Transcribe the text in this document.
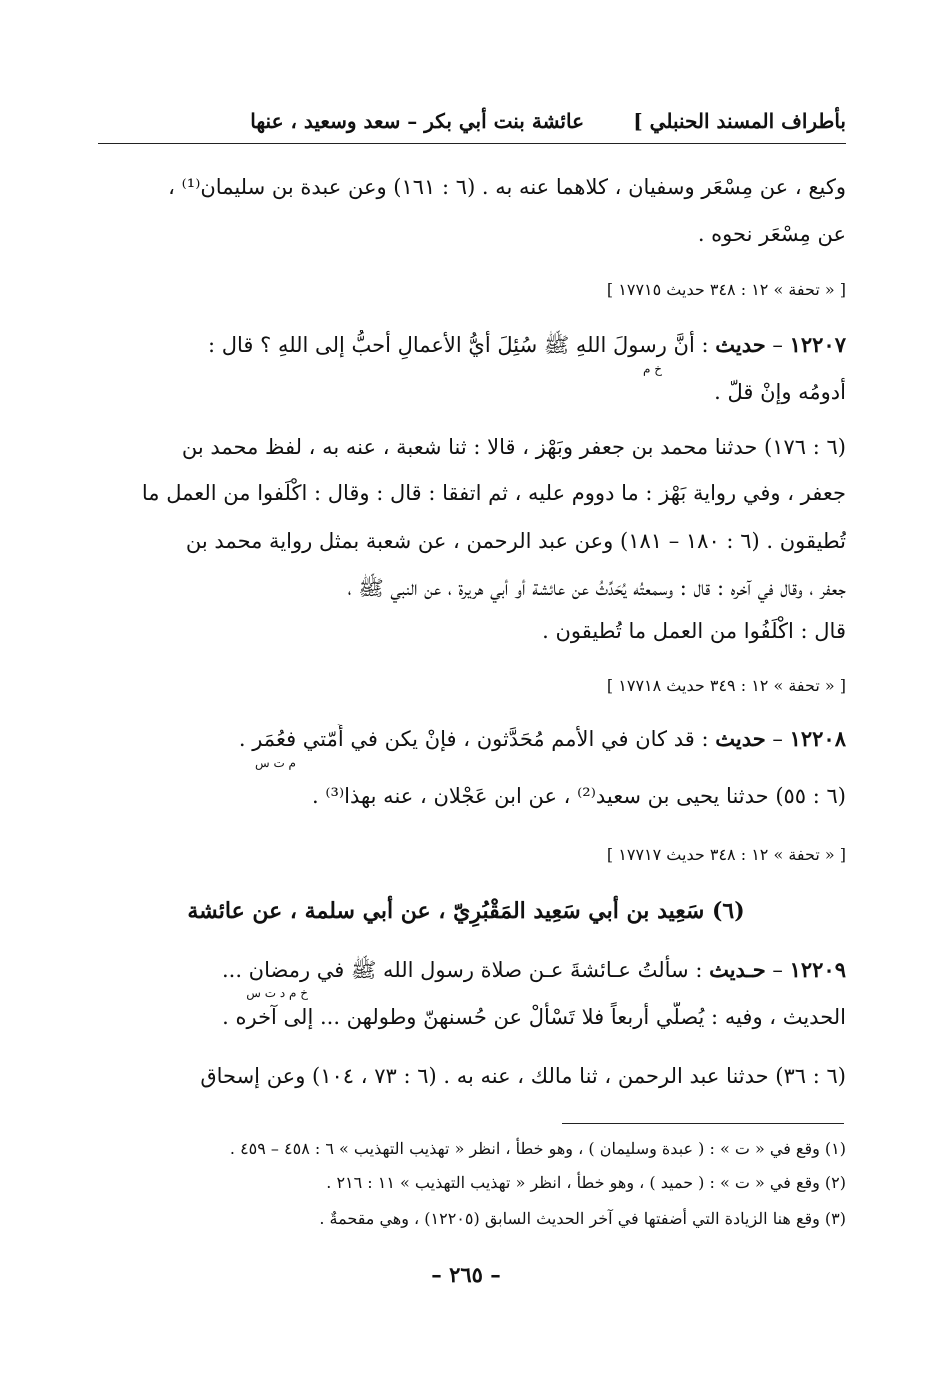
بأطراف المسند الحنبلي ]
عائشة بنت أبي بكر – سعد وسعيد ، عنها
وكيع ، عن مِسْعَر وسفيان ، كلاهما عنه به . (٦ : ١٦١) وعن عبدة بن سليمان⁽¹⁾ ،
عن مِسْعَر نحوه .
[ « تحفة » ١٢ : ٣٤٨ حديث ١٧٧١٥ ]
١٢٢٠٧ – حديث : أنَّ رسولَ اللهِ ﷺ سُئِلَ أيُّ الأعمالِ أحبُّ إلى اللهِ ؟ قال :
خ م
أدومُه وإنْ قلّ .
(٦ : ١٧٦) حدثنا محمد بن جعفر وبَهْز ، قالا : ثنا شعبة ، عنه به ، لفظ محمد بن
جعفر ، وفي رواية بَهْز : ما دووم عليه ، ثم اتفقا : قال : وقال : اكْلَفوا من العمل ما
تُطيقون . (٦ : ١٨٠ – ١٨١) وعن عبد الرحمن ، عن شعبة بمثل رواية محمد بن
جعفر ، وقال في آخره : قال : وسمعتُه يُحَدِّثُ عن عائشة أو أبي هريرة ، عن النبي ﷺ ،
قال : اكْلَفُوا من العمل ما تُطيقون .
[ « تحفة » ١٢ : ٣٤٩ حديث ١٧٧١٨ ]
١٢٢٠٨ – حديث : قد كان في الأمم مُحَدَّثون ، فإنْ يكن في أُمّتي فعُمَر .
م ت س
(٦ : ٥٥) حدثنا يحيى بن سعيد⁽²⁾ ، عن ابن عَجْلان ، عنه بهذا⁽³⁾ .
[ « تحفة » ١٢ : ٣٤٨ حديث ١٧٧١٧ ]
(٦) سَعِيد بن أبي سَعِيد المَقْبُرِيّ ، عن أبي سلمة ، عن عائشة
١٢٢٠٩ – حـديث : سألتُ عـائشةَ عـن صلاة رسول الله ﷺ في رمضان ...
خ م د ت س
الحديث ، وفيه : يُصلّي أربعاً فلا تَسْأَلْ عن حُسنهنّ وطولهن ... إلى آخره .
(٦ : ٣٦) حدثنا عبد الرحمن ، ثنا مالك ، عنه به . (٦ : ٧٣ ، ١٠٤) وعن إسحاق
(١) وقع في « ت » : ( عبدة وسليمان ) ، وهو خطأ ، انظر « تهذيب التهذيب » ٦ : ٤٥٨ – ٤٥٩ .
(٢) وقع في « ت » : ( حميد ) ، وهو خطأ ، انظر « تهذيب التهذيب » ١١ : ٢١٦ .
(٣) وقع هنا الزيادة التي أضفتها في آخر الحديث السابق (١٢٢٠٥) ، وهي مقحمةٌ .
– ٢٦٥ –
